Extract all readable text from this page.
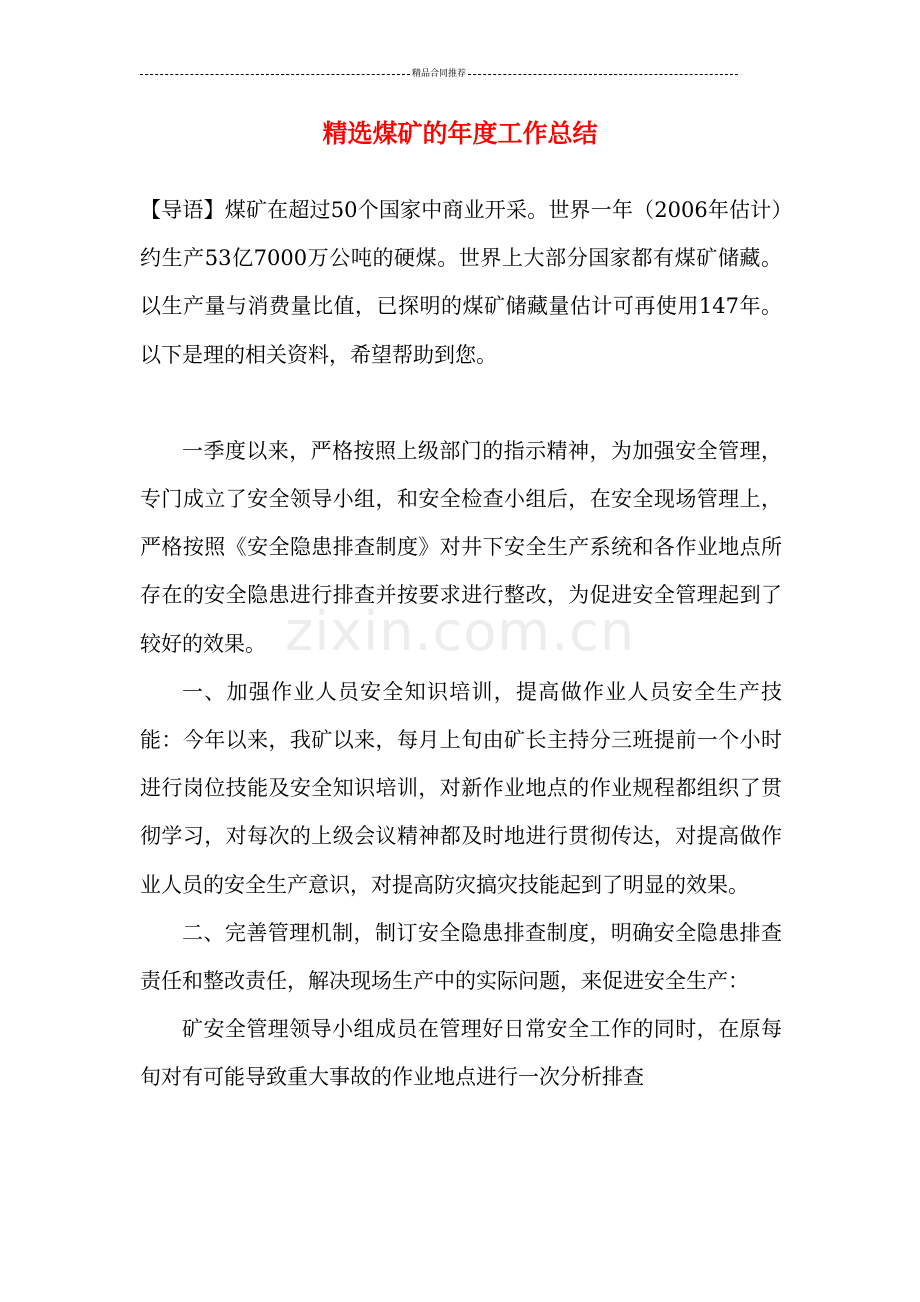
精品合同推荐
精选煤矿的年度工作总结
zixin.com.cn

【导语】煤矿在超过50个国家中商业开采。世界一年（2006年估计）约生产53亿7000万公吨的硬煤。世界上大部分国家都有煤矿储藏。以生产量与消费量比值，已探明的煤矿储藏量估计可再使用147年。以下是理的相关资料，希望帮助到您。

一季度以来，严格按照上级部门的指示精神，为加强安全管理，专门成立了安全领导小组，和安全检查小组后，在安全现场管理上，严格按照《安全隐患排查制度》对井下安全生产系统和各作业地点所存在的安全隐患进行排查并按要求进行整改，为促进安全管理起到了较好的效果。

一、加强作业人员安全知识培训，提高做作业人员安全生产技能：今年以来，我矿以来，每月上旬由矿长主持分三班提前一个小时进行岗位技能及安全知识培训，对新作业地点的作业规程都组织了贯彻学习，对每次的上级会议精神都及时地进行贯彻传达，对提高做作业人员的安全生产意识，对提高防灾搞灾技能起到了明显的效果。

二、完善管理机制，制订安全隐患排查制度，明确安全隐患排查责任和整改责任，解决现场生产中的实际问题，来促进安全生产：

矿安全管理领导小组成员在管理好日常安全工作的同时，在原每旬对有可能导致重大事故的作业地点进行一次分析排查
